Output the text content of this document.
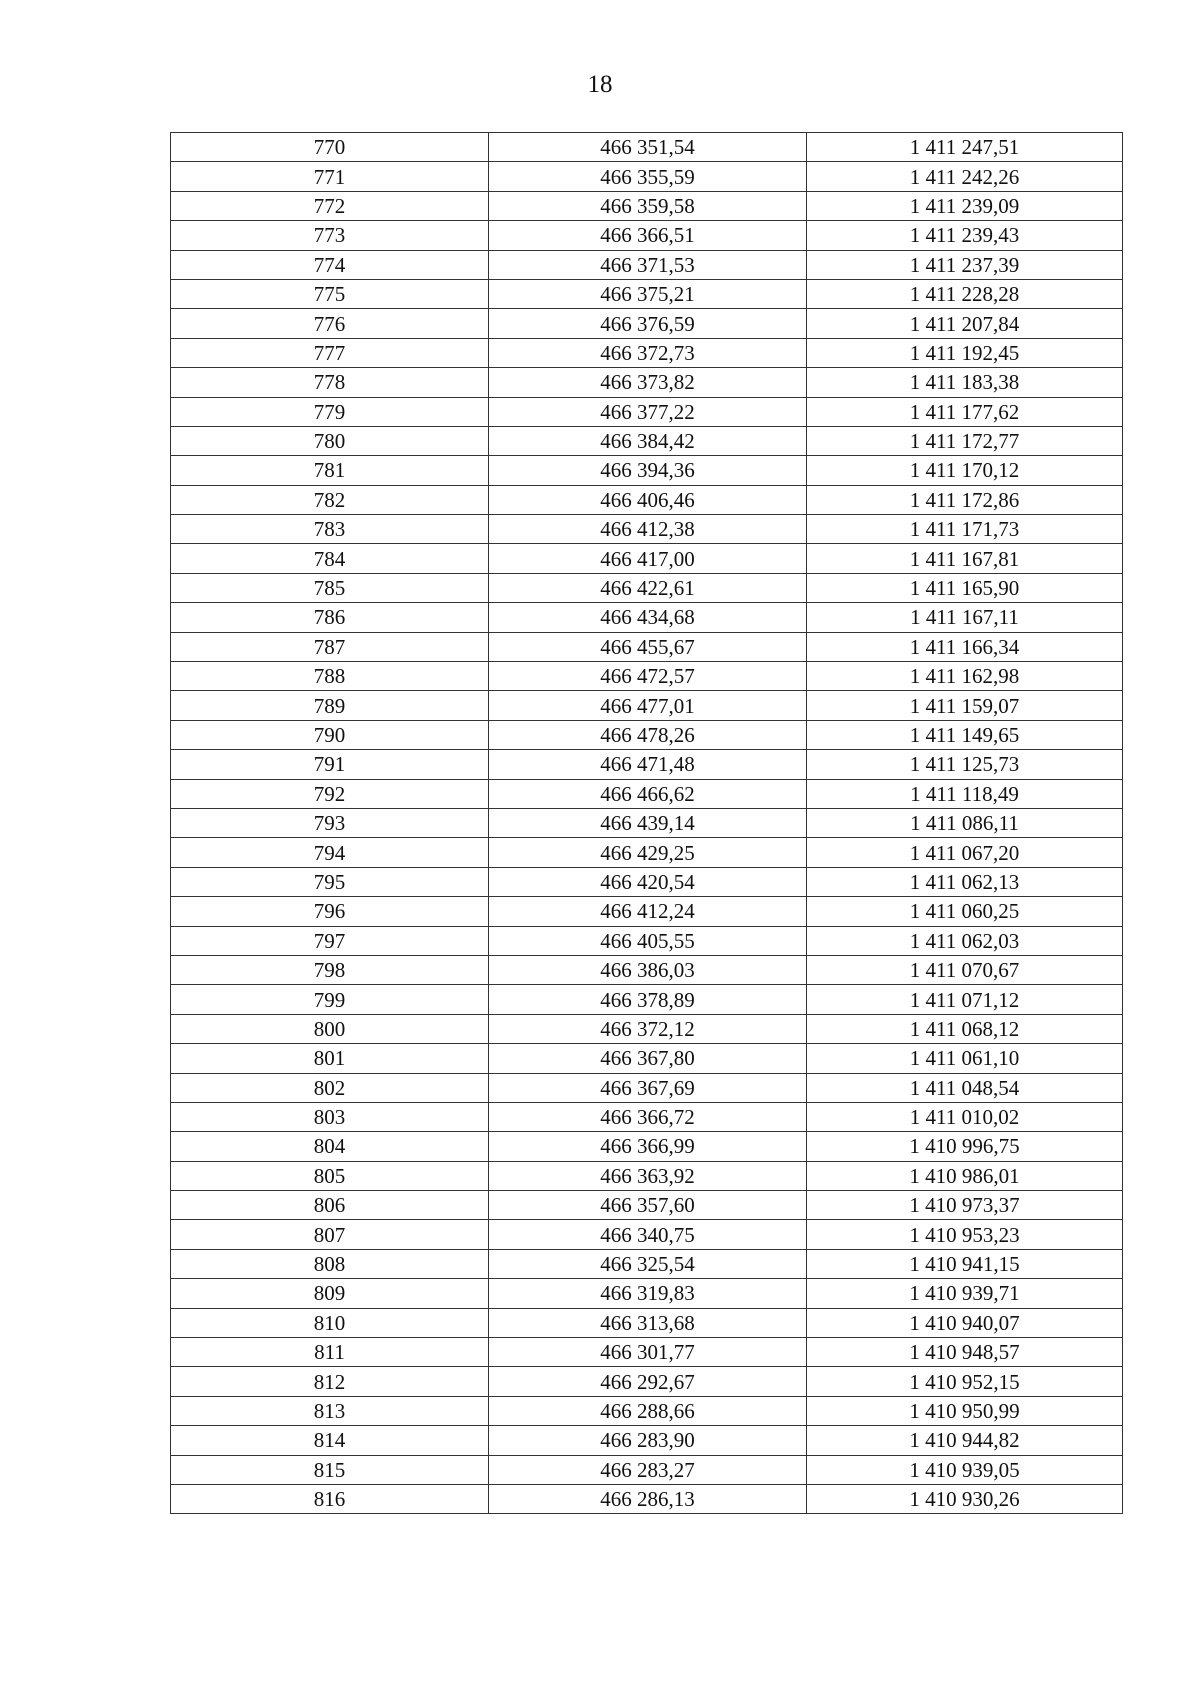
18
770	466 351,54	1 411 247,51
771	466 355,59	1 411 242,26
772	466 359,58	1 411 239,09
773	466 366,51	1 411 239,43
774	466 371,53	1 411 237,39
775	466 375,21	1 411 228,28
776	466 376,59	1 411 207,84
777	466 372,73	1 411 192,45
778	466 373,82	1 411 183,38
779	466 377,22	1 411 177,62
780	466 384,42	1 411 172,77
781	466 394,36	1 411 170,12
782	466 406,46	1 411 172,86
783	466 412,38	1 411 171,73
784	466 417,00	1 411 167,81
785	466 422,61	1 411 165,90
786	466 434,68	1 411 167,11
787	466 455,67	1 411 166,34
788	466 472,57	1 411 162,98
789	466 477,01	1 411 159,07
790	466 478,26	1 411 149,65
791	466 471,48	1 411 125,73
792	466 466,62	1 411 118,49
793	466 439,14	1 411 086,11
794	466 429,25	1 411 067,20
795	466 420,54	1 411 062,13
796	466 412,24	1 411 060,25
797	466 405,55	1 411 062,03
798	466 386,03	1 411 070,67
799	466 378,89	1 411 071,12
800	466 372,12	1 411 068,12
801	466 367,80	1 411 061,10
802	466 367,69	1 411 048,54
803	466 366,72	1 411 010,02
804	466 366,99	1 410 996,75
805	466 363,92	1 410 986,01
806	466 357,60	1 410 973,37
807	466 340,75	1 410 953,23
808	466 325,54	1 410 941,15
809	466 319,83	1 410 939,71
810	466 313,68	1 410 940,07
811	466 301,77	1 410 948,57
812	466 292,67	1 410 952,15
813	466 288,66	1 410 950,99
814	466 283,90	1 410 944,82
815	466 283,27	1 410 939,05
816	466 286,13	1 410 930,26
